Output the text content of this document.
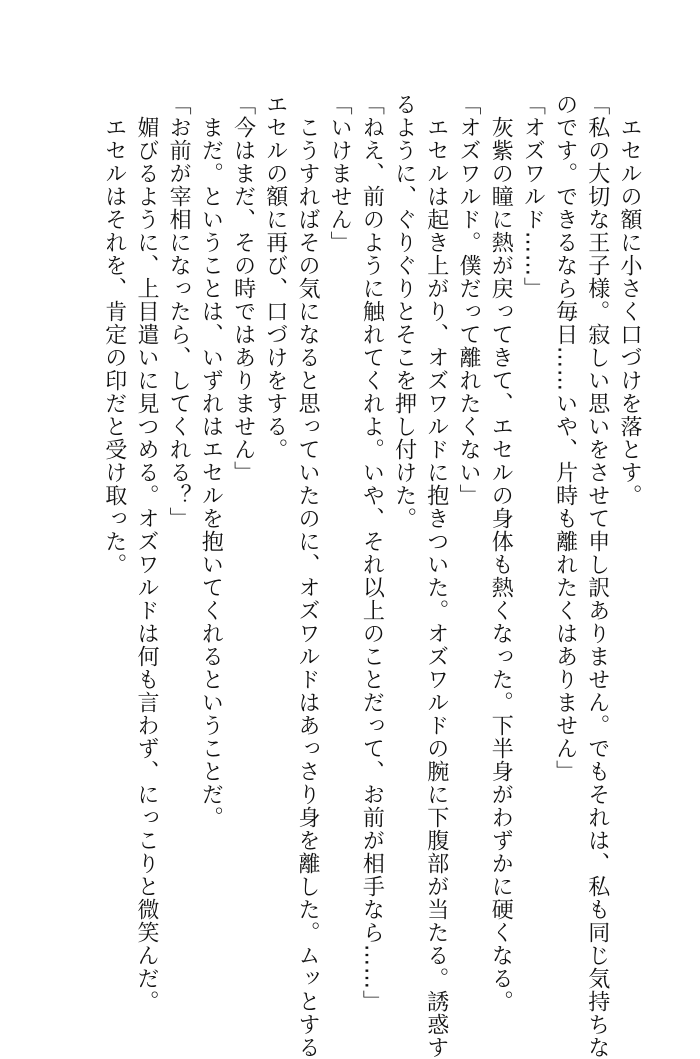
　エセルの額に小さく口づけを落とす。
「私の大切な王子様。寂しい思いをさせて申し訳ありません。でもそれは、私も同じ気持ちな
のです。できるなら毎日……いや、片時も離れたくはありません」
「オズワルド……」
　灰紫の瞳に熱が戻ってきて、エセルの身体も熱くなった。下半身がわずかに硬くなる。
「オズワルド。僕だって離れたくない」
　エセルは起き上がり、オズワルドに抱きついた。オズワルドの腕に下腹部が当たる。誘惑す
るように、ぐりぐりとそこを押し付けた。
「ねえ、前のように触れてくれよ。いや、それ以上のことだって、お前が相手なら……」
「いけません」
　こうすればその気になると思っていたのに、オズワルドはあっさり身を離した。ムッとする
エセルの額に再び、口づけをする。
「今はまだ、その時ではありません」
　まだ。ということは、いずれはエセルを抱いてくれるということだ。
「お前が宰相になったら、してくれる？」
　媚びるように、上目遣いに見つめる。オズワルドは何も言わず、にっこりと微笑んだ。
　エセルはそれを、肯定の印だと受け取った。
